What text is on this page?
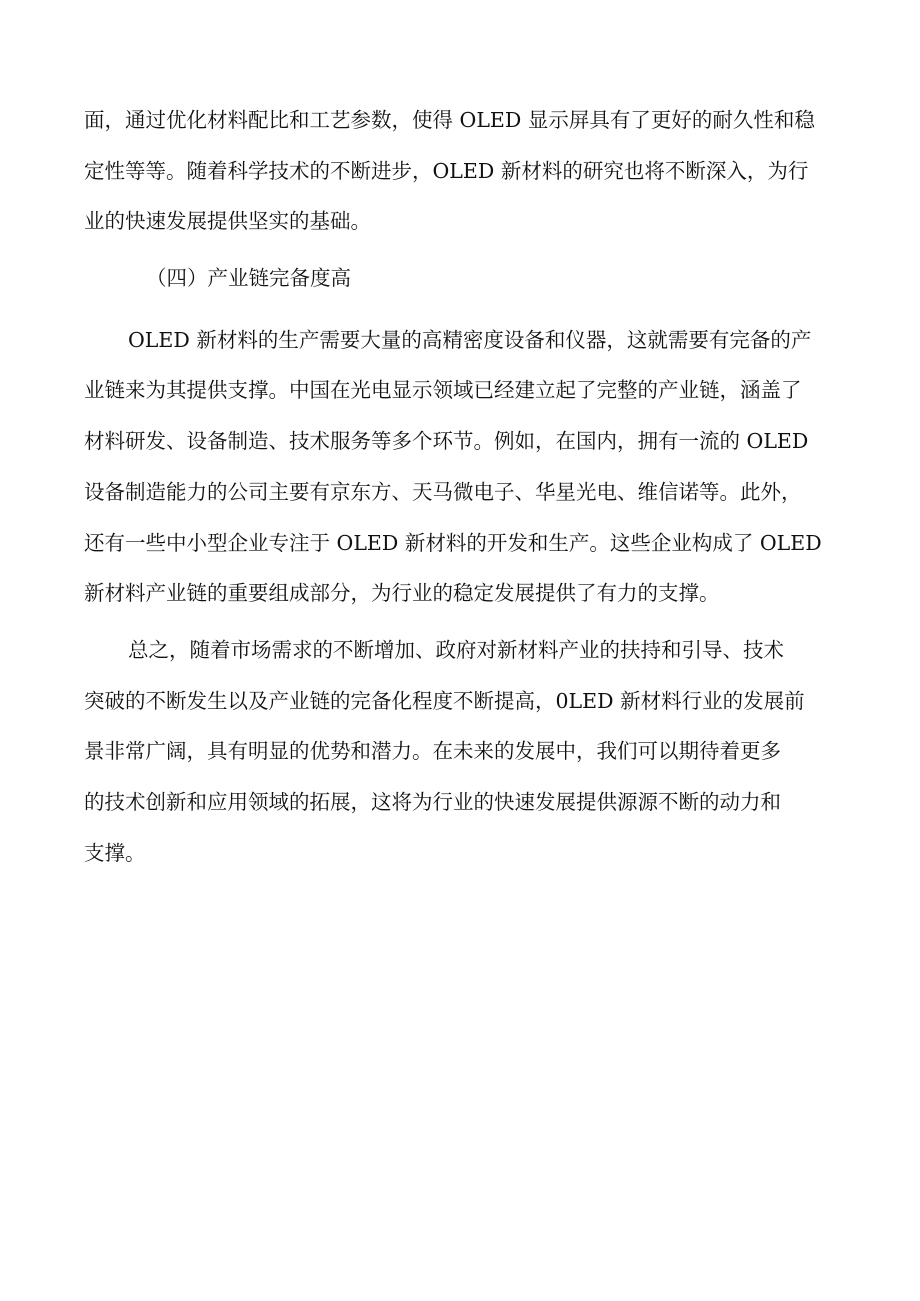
面，通过优化材料配比和工艺参数，使得 OLED 显示屏具有了更好的耐久性和稳
定性等等。随着科学技术的不断进步，OLED 新材料的研究也将不断深入，为行
业的快速发展提供坚实的基础。
（四）产业链完备度高
OLED 新材料的生产需要大量的高精密度设备和仪器，这就需要有完备的产
业链来为其提供支撑。中国在光电显示领域已经建立起了完整的产业链，涵盖了
材料研发、设备制造、技术服务等多个环节。例如，在国内，拥有一流的 OLED
设备制造能力的公司主要有京东方、天马微电子、华星光电、维信诺等。此外，
还有一些中小型企业专注于 OLED 新材料的开发和生产。这些企业构成了 OLED
新材料产业链的重要组成部分，为行业的稳定发展提供了有力的支撑。
总之，随着市场需求的不断增加、政府对新材料产业的扶持和引导、技术
突破的不断发生以及产业链的完备化程度不断提高，0LED 新材料行业的发展前
景非常广阔，具有明显的优势和潜力。在未来的发展中，我们可以期待着更多
的技术创新和应用领域的拓展，这将为行业的快速发展提供源源不断的动力和
支撑。
